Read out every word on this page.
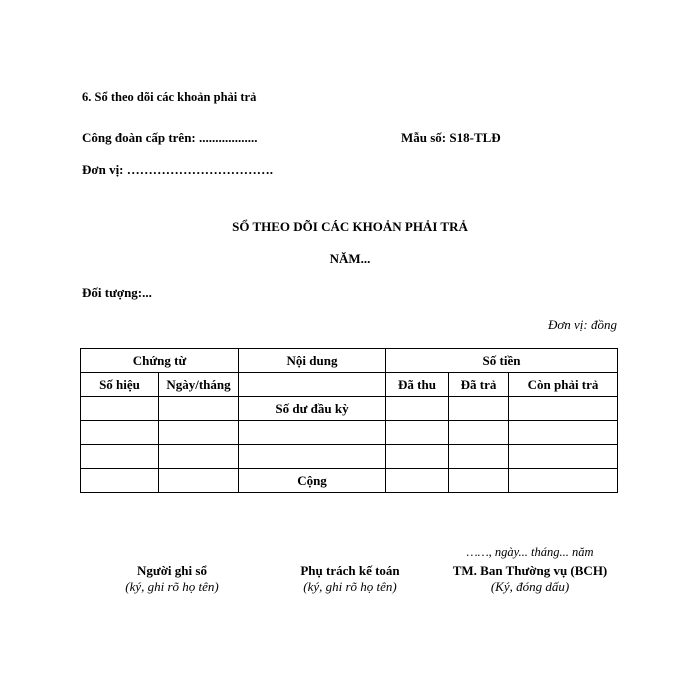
6. Sổ theo dõi các khoản phải trả
Công đoàn cấp trên: ..................	Mẫu số: S18-TLĐ
Đơn vị: …………………………….
SỔ THEO DÕI CÁC KHOẢN PHẢI TRẢ
NĂM...
Đối tượng:...
Đơn vị: đồng
Chứng từ		Nội dung	Số tiền		
Số hiệu	Ngày/tháng		Đã thu	Đã trả	Còn phải trả
		Số dư đầu kỳ			

		Cộng			
……, ngày... tháng... năm
Người ghi sổ
(ký, ghi rõ họ tên)
Phụ trách kế toán
(ký, ghi rõ họ tên)
TM. Ban Thường vụ (BCH)
(Ký, đóng dấu)
